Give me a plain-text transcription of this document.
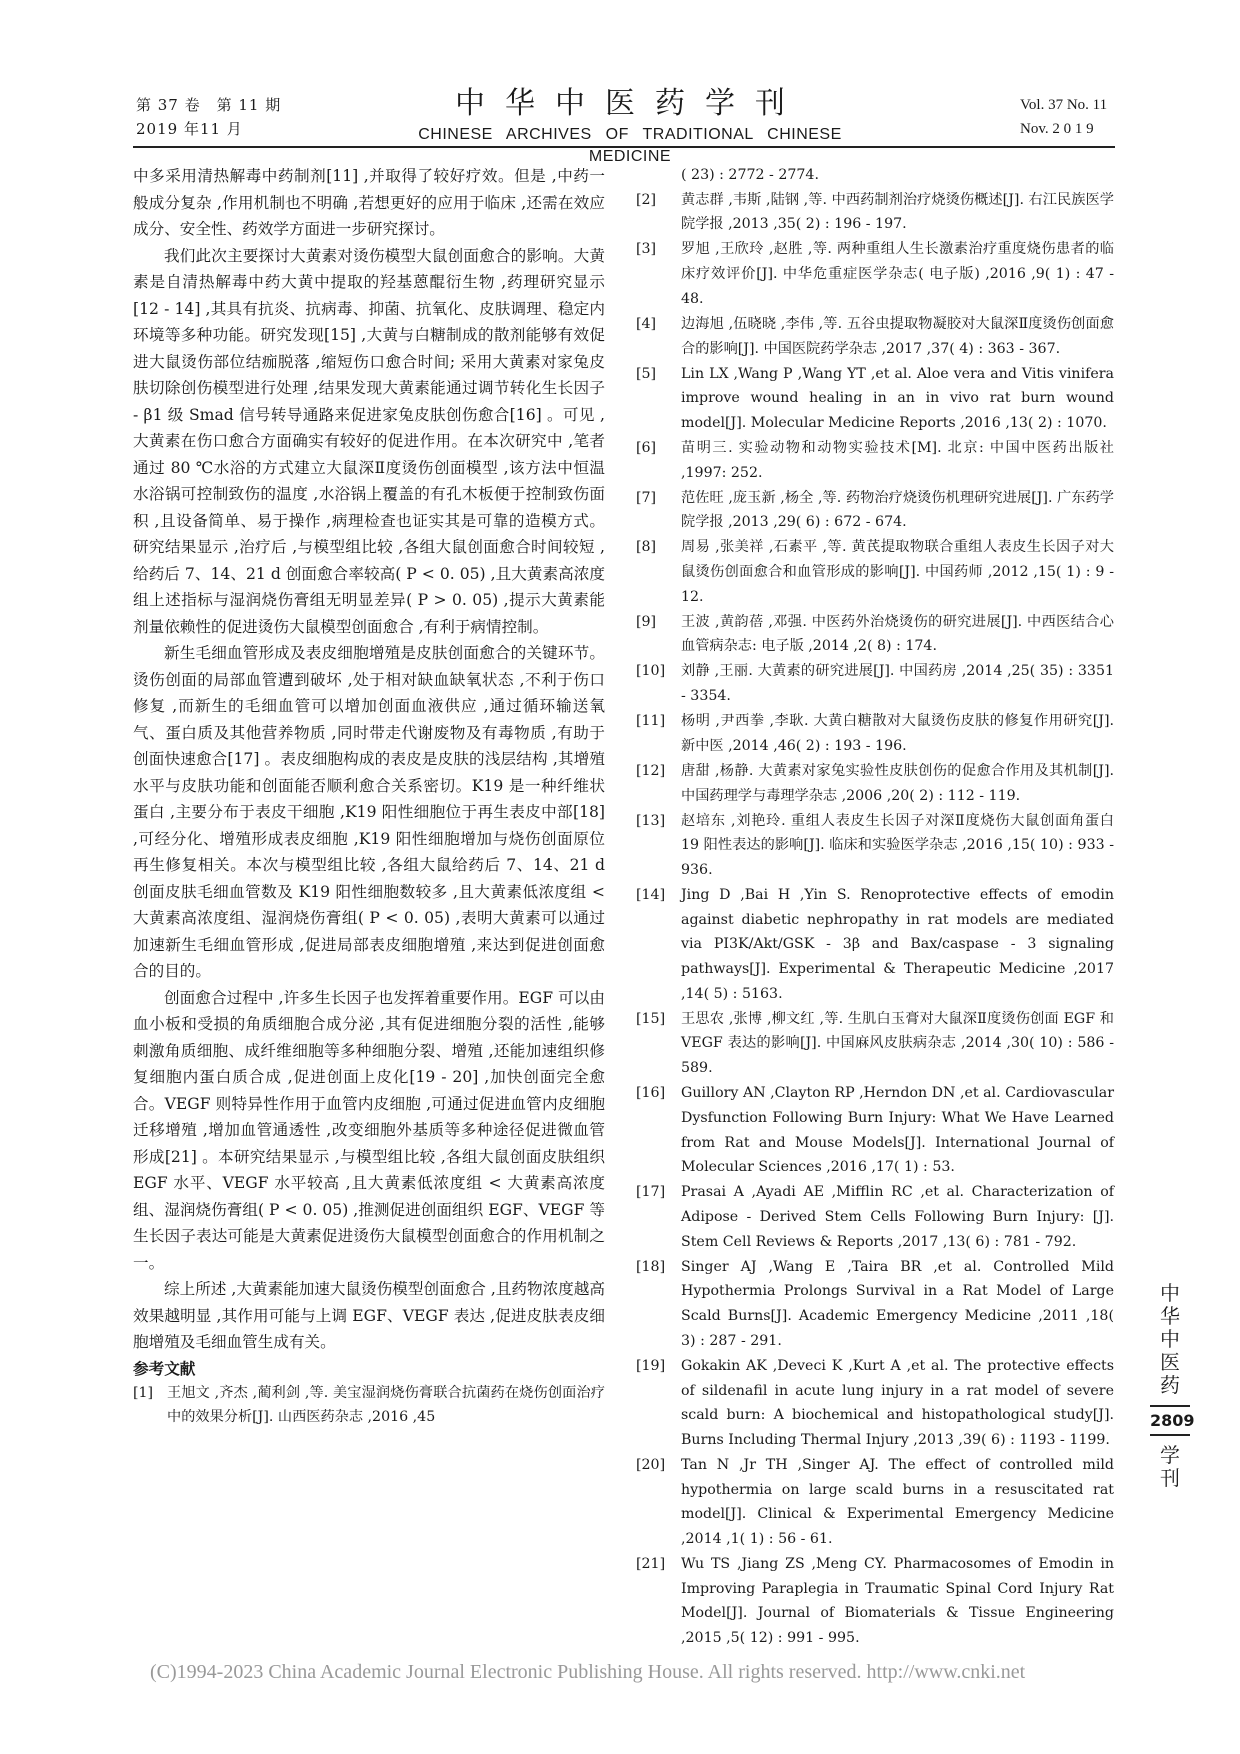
第 37 卷　第 11 期
2019 年11 月
中华中医药学刊
CHINESE ARCHIVES OF TRADITIONAL CHINESE MEDICINE
Vol. 37 No. 11
Nov. 2 0 1 9

中多采用清热解毒中药制剂[11] ,并取得了较好疗效。但是 ,中药一般成分复杂 ,作用机制也不明确 ,若想更好的应用于临床 ,还需在效应成分、安全性、药效学方面进一步研究探讨。

我们此次主要探讨大黄素对烫伤模型大鼠创面愈合的影响。大黄素是自清热解毒中药大黄中提取的羟基蒽醌衍生物 ,药理研究显示[12 - 14] ,其具有抗炎、抗病毒、抑菌、抗氧化、皮肤调理、稳定内环境等多种功能。研究发现[15] ,大黄与白糖制成的散剂能够有效促进大鼠烫伤部位结痂脱落 ,缩短伤口愈合时间; 采用大黄素对家兔皮肤切除创伤模型进行处理 ,结果发现大黄素能通过调节转化生长因子 - β1 级 Smad 信号转导通路来促进家兔皮肤创伤愈合[16] 。可见 ,大黄素在伤口愈合方面确实有较好的促进作用。在本次研究中 ,笔者通过 80 ℃水浴的方式建立大鼠深Ⅱ度烫伤创面模型 ,该方法中恒温水浴锅可控制致伤的温度 ,水浴锅上覆盖的有孔木板便于控制致伤面积 ,且设备简单、易于操作 ,病理检查也证实其是可靠的造模方式。研究结果显示 ,治疗后 ,与模型组比较 ,各组大鼠创面愈合时间较短 ,给药后 7、14、21 d 创面愈合率较高( P < 0. 05) ,且大黄素高浓度组上述指标与湿润烧伤膏组无明显差异( P > 0. 05) ,提示大黄素能剂量依赖性的促进烫伤大鼠模型创面愈合 ,有利于病情控制。

新生毛细血管形成及表皮细胞增殖是皮肤创面愈合的关键环节。烫伤创面的局部血管遭到破坏 ,处于相对缺血缺氧状态 ,不利于伤口修复 ,而新生的毛细血管可以增加创面血液供应 ,通过循环输送氧气、蛋白质及其他营养物质 ,同时带走代谢废物及有毒物质 ,有助于创面快速愈合[17] 。表皮细胞构成的表皮是皮肤的浅层结构 ,其增殖水平与皮肤功能和创面能否顺利愈合关系密切。K19 是一种纤维状蛋白 ,主要分布于表皮干细胞 ,K19 阳性细胞位于再生表皮中部[18] ,可经分化、增殖形成表皮细胞 ,K19 阳性细胞增加与烧伤创面原位再生修复相关。本次与模型组比较 ,各组大鼠给药后 7、14、21 d 创面皮肤毛细血管数及 K19 阳性细胞数较多 ,且大黄素低浓度组 < 大黄素高浓度组、湿润烧伤膏组( P < 0. 05) ,表明大黄素可以通过加速新生毛细血管形成 ,促进局部表皮细胞增殖 ,来达到促进创面愈合的目的。

创面愈合过程中 ,许多生长因子也发挥着重要作用。EGF 可以由血小板和受损的角质细胞合成分泌 ,其有促进细胞分裂的活性 ,能够刺激角质细胞、成纤维细胞等多种细胞分裂、增殖 ,还能加速组织修复细胞内蛋白质合成 ,促进创面上皮化[19 - 20] ,加快创面完全愈合。VEGF 则特异性作用于血管内皮细胞 ,可通过促进血管内皮细胞迁移增殖 ,增加血管通透性 ,改变细胞外基质等多种途径促进微血管形成[21] 。本研究结果显示 ,与模型组比较 ,各组大鼠创面皮肤组织 EGF 水平、VEGF 水平较高 ,且大黄素低浓度组 < 大黄素高浓度组、湿润烧伤膏组( P < 0. 05) ,推测促进创面组织 EGF、VEGF 等生长因子表达可能是大黄素促进烫伤大鼠模型创面愈合的作用机制之一。

综上所述 ,大黄素能加速大鼠烫伤模型创面愈合 ,且药物浓度越高效果越明显 ,其作用可能与上调 EGF、VEGF 表达 ,促进皮肤表皮细胞增殖及毛细血管生成有关。

参考文献

[1] 王旭文 ,齐杰 ,蔺利剑 ,等. 美宝湿润烧伤膏联合抗菌药在烧伤创面治疗中的效果分析[J]. 山西医药杂志 ,2016 ,45
( 23) : 2772 - 2774.
[2] 黄志群 ,韦斯 ,陆钢 ,等. 中西药制剂治疗烧烫伤概述[J]. 右江民族医学院学报 ,2013 ,35( 2) : 196 - 197.
[3] 罗旭 ,王欣玲 ,赵胜 ,等. 两种重组人生长激素治疗重度烧伤患者的临床疗效评价[J]. 中华危重症医学杂志( 电子版) ,2016 ,9( 1) : 47 - 48.
[4] 边海旭 ,伍晓晓 ,李伟 ,等. 五谷虫提取物凝胶对大鼠深Ⅱ度烫伤创面愈合的影响[J]. 中国医院药学杂志 ,2017 ,37( 4) : 363 - 367.
[5] Lin LX ,Wang P ,Wang YT ,et al. Aloe vera and Vitis vinifera improve wound healing in an in vivo rat burn wound model[J]. Molecular Medicine Reports ,2016 ,13( 2) : 1070.
[6] 苗明三. 实验动物和动物实验技术[M]. 北京: 中国中医药出版社 ,1997: 252.
[7] 范佐旺 ,庞玉新 ,杨全 ,等. 药物治疗烧烫伤机理研究进展[J]. 广东药学院学报 ,2013 ,29( 6) : 672 - 674.
[8] 周易 ,张美祥 ,石素平 ,等. 黄芪提取物联合重组人表皮生长因子对大鼠烫伤创面愈合和血管形成的影响[J]. 中国药师 ,2012 ,15( 1) : 9 - 12.
[9] 王波 ,黄韵蓓 ,邓强. 中医药外治烧烫伤的研究进展[J]. 中西医结合心血管病杂志: 电子版 ,2014 ,2( 8) : 174.
[10] 刘静 ,王丽. 大黄素的研究进展[J]. 中国药房 ,2014 ,25( 35) : 3351 - 3354.
[11] 杨明 ,尹西拳 ,李耿. 大黄白糖散对大鼠烫伤皮肤的修复作用研究[J]. 新中医 ,2014 ,46( 2) : 193 - 196.
[12] 唐甜 ,杨静. 大黄素对家兔实验性皮肤创伤的促愈合作用及其机制[J]. 中国药理学与毒理学杂志 ,2006 ,20( 2) : 112 - 119.
[13] 赵培东 ,刘艳玲. 重组人表皮生长因子对深Ⅱ度烧伤大鼠创面角蛋白 19 阳性表达的影响[J]. 临床和实验医学杂志 ,2016 ,15( 10) : 933 - 936.
[14] Jing D ,Bai H ,Yin S. Renoprotective effects of emodin against diabetic nephropathy in rat models are mediated via PI3K/Akt/GSK - 3β and Bax/caspase - 3 signaling pathways[J]. Experimental & Therapeutic Medicine ,2017 ,14( 5) : 5163.
[15] 王思农 ,张博 ,柳文红 ,等. 生肌白玉膏对大鼠深Ⅱ度烫伤创面 EGF 和 VEGF 表达的影响[J]. 中国麻风皮肤病杂志 ,2014 ,30( 10) : 586 - 589.
[16] Guillory AN ,Clayton RP ,Herndon DN ,et al. Cardiovascular Dysfunction Following Burn Injury: What We Have Learned from Rat and Mouse Models[J]. International Journal of Molecular Sciences ,2016 ,17( 1) : 53.
[17] Prasai A ,Ayadi AE ,Mifflin RC ,et al. Characterization of Adipose - Derived Stem Cells Following Burn Injury: [J]. Stem Cell Reviews & Reports ,2017 ,13( 6) : 781 - 792.
[18] Singer AJ ,Wang E ,Taira BR ,et al. Controlled Mild Hypothermia Prolongs Survival in a Rat Model of Large Scald Burns[J]. Academic Emergency Medicine ,2011 ,18( 3) : 287 - 291.
[19] Gokakin AK ,Deveci K ,Kurt A ,et al. The protective effects of sildenafil in acute lung injury in a rat model of severe scald burn: A biochemical and histopathological study[J]. Burns Including Thermal Injury ,2013 ,39( 6) : 1193 - 1199.
[20] Tan N ,Jr TH ,Singer AJ. The effect of controlled mild hypothermia on large scald burns in a resuscitated rat model[J]. Clinical & Experimental Emergency Medicine ,2014 ,1( 1) : 56 - 61.
[21] Wu TS ,Jiang ZS ,Meng CY. Pharmacosomes of Emodin in Improving Paraplegia in Traumatic Spinal Cord Injury Rat Model[J]. Journal of Biomaterials & Tissue Engineering ,2015 ,5( 12) : 991 - 995.
中
华
中
医
药
2809
学
刊
(C)1994-2023 China Academic Journal Electronic Publishing House. All rights reserved. http://www.cnki.net
